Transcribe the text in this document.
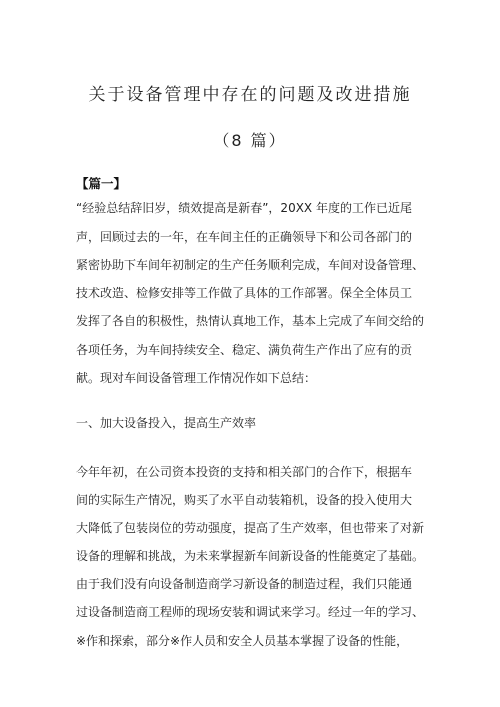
关于设备管理中存在的问题及改进措施
（8 篇）
【篇一】
“经验总结辞旧岁，绩效提高是新春”，20XX 年度的工作已近尾
声，回顾过去的一年，在车间主任的正确领导下和公司各部门的
紧密协助下车间年初制定的生产任务顺利完成，车间对设备管理、
技术改造、检修安排等工作做了具体的工作部署。保全全体员工
发挥了各自的积极性，热情认真地工作，基本上完成了车间交给的
各项任务，为车间持续安全、稳定、满负荷生产作出了应有的贡
献。现对车间设备管理工作情况作如下总结：
一、加大设备投入，提高生产效率
今年年初，在公司资本投资的支持和相关部门的合作下，根据车
间的实际生产情况，购买了水平自动装箱机，设备的投入使用大
大降低了包装岗位的劳动强度，提高了生产效率，但也带来了对新
设备的理解和挑战，为未来掌握新车间新设备的性能奠定了基础。
由于我们没有向设备制造商学习新设备的制造过程，我们只能通
过设备制造商工程师的现场安装和调试来学习。经过一年的学习、
※作和探索，部分※作人员和安全人员基本掌握了设备的性能，
